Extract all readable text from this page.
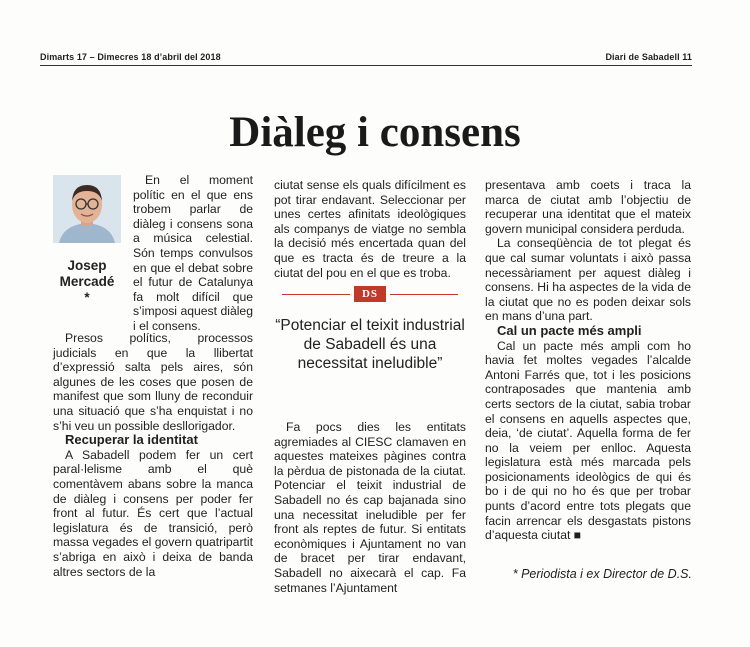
Dimarts 17 – Dimecres 18 d’abril del 2018	Diari de Sabadell 11
Diàleg i consens
Josep Mercadé
*

En el moment polític en el que ens trobem parlar de diàleg i consens sona a música celestial. Són temps convulsos en que el debat sobre el futur de Catalunya fa molt difícil que s’imposi aquest diàleg i el consens.

Presos polítics, processos judicials en que la llibertat d’expressió salta pels aires, són algunes de les coses que posen de manifest que som lluny de reconduir una situació que s’ha enquistat i no s’hi veu un possible desllorigador.

Recuperar la identitat

A Sabadell podem fer un cert paral·lelisme amb el què comentàvem abans sobre la manca de diàleg i consens per poder fer front al futur. És cert que l’actual legislatura és de transició, però massa vegades el govern quatripartit s’abriga en això i deixa de banda altres sectors de la

ciutat sense els quals difícilment es pot tirar endavant. Seleccionar per unes certes afinitats ideològiques als companys de viatge no sembla la decisió més encertada quan del que es tracta és de treure a la ciutat del pou en el que es troba.

DS
“Potenciar el teixit industrial de Sabadell és una necessitat ineludible”

Fa pocs dies les entitats agremiades al CIESC clamaven en aquestes mateixes pàgines contra la pèrdua de pistonada de la ciutat. Potenciar el teixit industrial de Sabadell no és cap bajanada sino una necessitat ineludible per fer front als reptes de futur. Si entitats econòmiques i Ajuntament no van de bracet per tirar endavant, Sabadell no aixecarà el cap. Fa setmanes l’Ajuntament

presentava amb coets i traca la marca de ciutat amb l’objectiu de recuperar una identitat que el mateix govern municipal considera perduda.

La conseqüència de tot plegat és que cal sumar voluntats i això passa necessàriament per aquest diàleg i consens. Hi ha aspectes de la vida de la ciutat que no es poden deixar sols en mans d’una part.

Cal un pacte més ampli

Cal un pacte més ampli com ho havia fet moltes vegades l’alcalde Antoni Farrés que, tot i les posicions contraposades que mantenia amb certs sectors de la ciutat, sabia trobar el consens en aquells aspectes que, deia, ‘de ciutat’. Aquella forma de fer no la veiem per enlloc. Aquesta legislatura està més marcada pels posicionaments ideològics de qui és bo i de qui no ho és que per trobar punts d’acord entre tots plegats que facin arrencar els desgastats pistons d’aquesta ciutat ■

* Periodista i ex Director de D.S.
